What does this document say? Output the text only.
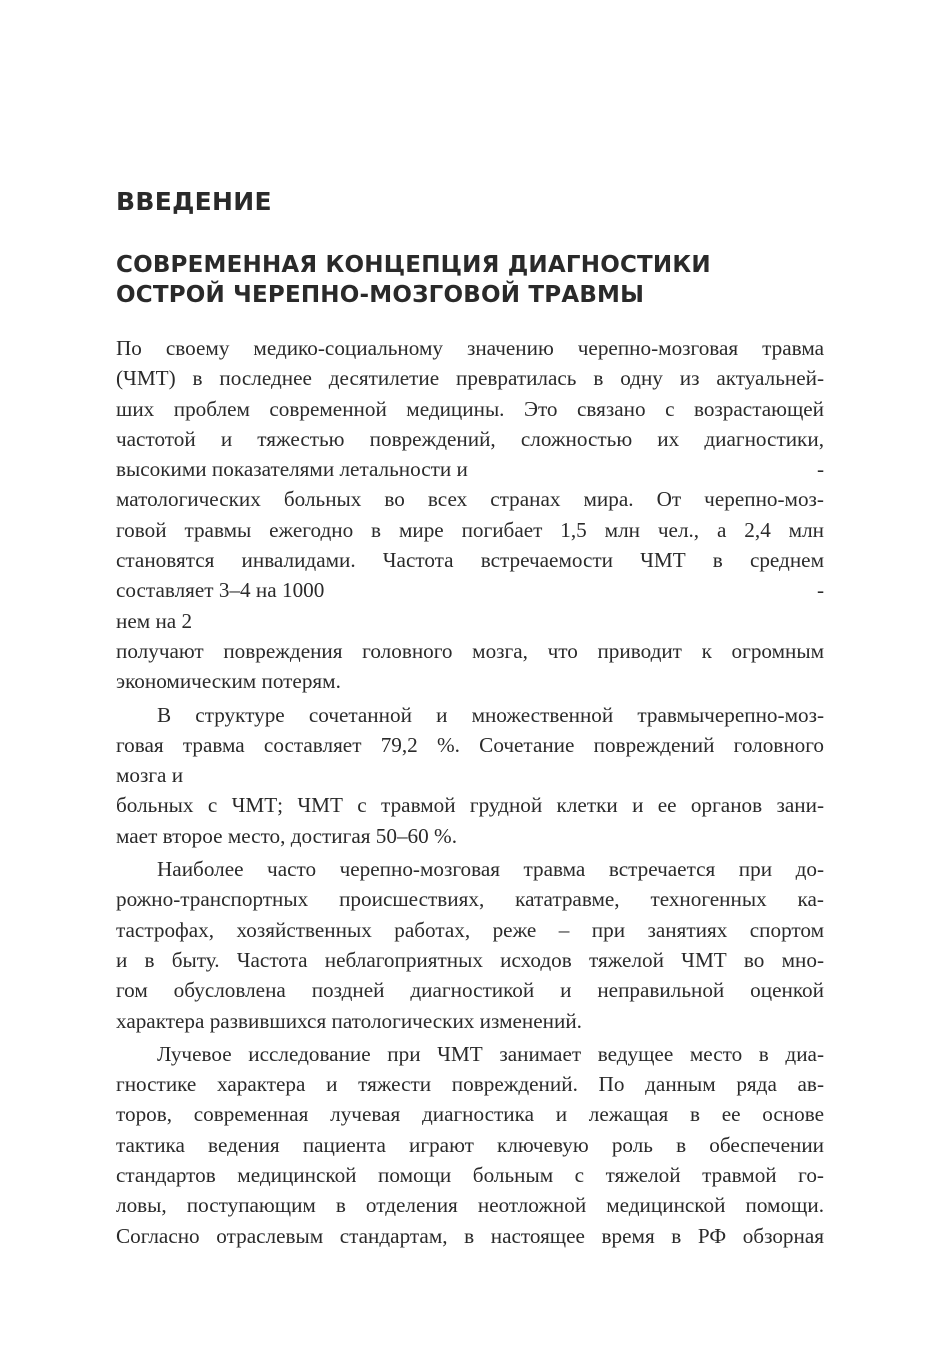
ВВЕДЕНИЕ
СОВРЕМЕННАЯ КОНЦЕПЦИЯ ДИАГНОСТИКИ
ОСТРОЙ ЧЕРЕПНО-МОЗГОВОЙ ТРАВМЫ
По своему медико-социальному значению черепно-мозговая травма
(ЧМТ) в последнее десятилетие превратилась в одну из актуальней-
ших проблем современной медицины. Это связано с возрастающей
частотой и тяжестью повреждений, сложностью их диагностики,
высокими показателями летальности и	-
матологических больных во всех странах мира. От черепно-моз-
говой травмы ежегодно в мире погибает 1,5 млн чел., а 2,4 млн
становятся инвалидами. Частота встречаемости ЧМТ в среднем
составляет 3–4 на 1000	-
нем на 2
получают повреждения головного мозга, что приводит к огромным
экономическим потерям.
В структуре сочетанной и множественной травмычерепно-моз-
говая травма составляет 79,2 %. Сочетание повреждений головного
мозга и
больных с ЧМТ; ЧМТ с травмой грудной клетки и ее органов зани-
мает второе место, достигая 50–60 %.
Наиболее часто черепно-мозговая травма встречается при до-
рожно-транспортных происшествиях, кататравме, техногенных ка-
тастрофах, хозяйственных работах, реже – при занятиях спортом
и в быту. Частота неблагоприятных исходов тяжелой ЧМТ во мно-
гом обусловлена поздней диагностикой и неправильной оценкой
характера развившихся патологических изменений.
Лучевое исследование при ЧМТ занимает ведущее место в диа-
гностике характера и тяжести повреждений. По данным ряда ав-
торов, современная лучевая диагностика и лежащая в ее основе
тактика ведения пациента играют ключевую роль в обеспечении
стандартов медицинской помощи больным с тяжелой травмой го-
ловы, поступающим в отделения неотложной медицинской помощи.
Согласно отраслевым стандартам, в настоящее время в РФ обзорная
